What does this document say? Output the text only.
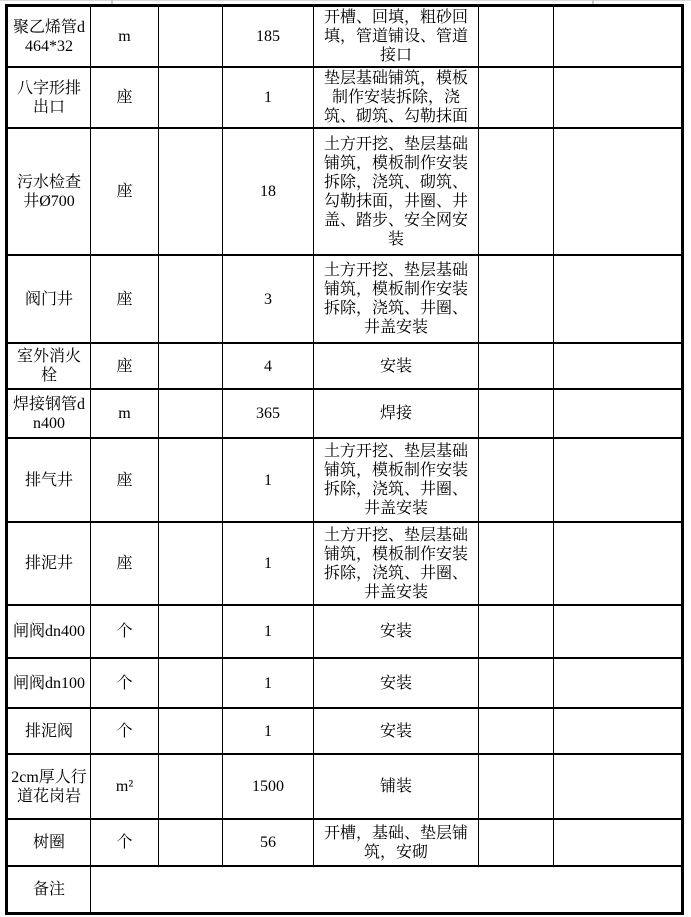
聚乙烯管d464*32	m		185	开槽、回填，粗砂回填，管道铺设、管道接口		
八字形排出口	座		1	垫层基础铺筑，模板制作安装拆除，浇筑、砌筑、勾勒抹面		
污水检查井Ø700	座		18	土方开挖、垫层基础铺筑，模板制作安装拆除，浇筑、砌筑、勾勒抹面，井圈、井盖、踏步、安全网安装		
阀门井	座		3	土方开挖、垫层基础铺筑，模板制作安装拆除，浇筑、井圈、井盖安装		
室外消火栓	座		4	安装		
焊接钢管dn400	m		365	焊接		
排气井	座		1	土方开挖、垫层基础铺筑，模板制作安装拆除，浇筑、井圈、井盖安装		
排泥井	座		1	土方开挖、垫层基础铺筑，模板制作安装拆除，浇筑、井圈、井盖安装		
闸阀dn400	个		1	安装		
闸阀dn100	个		1	安装		
排泥阀	个		1	安装		
2cm厚人行道花岗岩	m²		1500	铺装		
树圈	个		56	开槽，基础、垫层铺筑，安砌		
备注						
